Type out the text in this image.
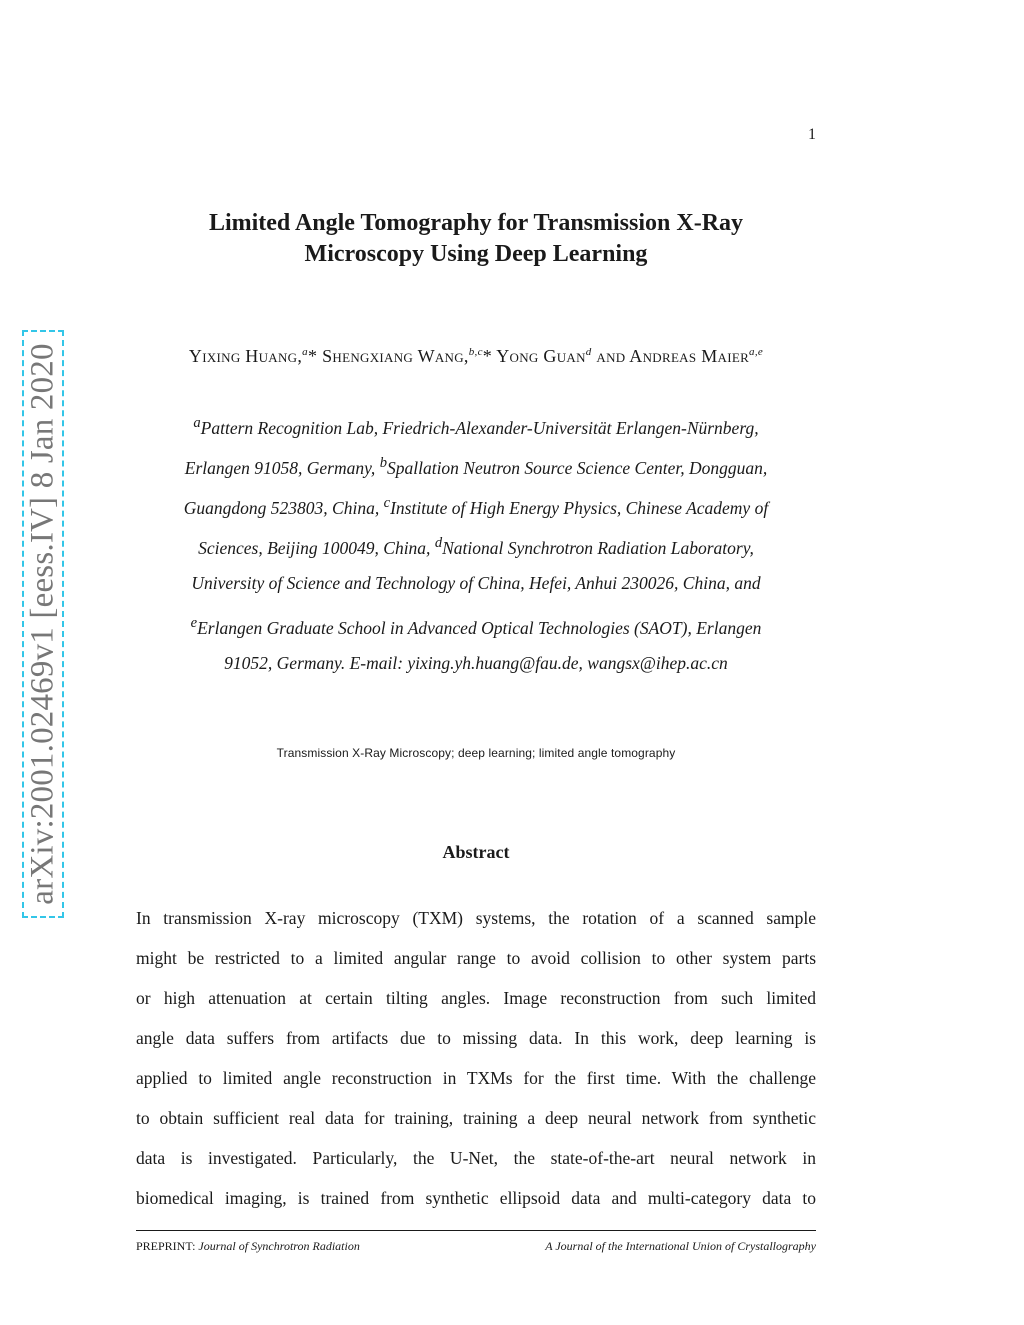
1
Limited Angle Tomography for Transmission X-Ray
Microscopy Using Deep Learning
Yixing Huang,$^a$* Shengxiang Wang,$^{b,c}$* Yong Guan$^d$ and Andreas Maier$^{a,e}$
$^a$Pattern Recognition Lab, Friedrich-Alexander-Universität Erlangen-Nürnberg,
Erlangen 91058, Germany, $^b$Spallation Neutron Source Science Center, Dongguan,
Guangdong 523803, China, $^c$Institute of High Energy Physics, Chinese Academy of
Sciences, Beijing 100049, China, $^d$National Synchrotron Radiation Laboratory,
University of Science and Technology of China, Hefei, Anhui 230026, China, and
$^e$Erlangen Graduate School in Advanced Optical Technologies (SAOT), Erlangen
91052, Germany. E-mail: yixing.yh.huang@fau.de, wangsx@ihep.ac.cn
Transmission X-Ray Microscopy; deep learning; limited angle tomography
Abstract
In transmission X-ray microscopy (TXM) systems, the rotation of a scanned sample
might be restricted to a limited angular range to avoid collision to other system parts
or high attenuation at certain tilting angles. Image reconstruction from such limited
angle data suffers from artifacts due to missing data. In this work, deep learning is
applied to limited angle reconstruction in TXMs for the first time. With the challenge
to obtain sufficient real data for training, training a deep neural network from synthetic
data is investigated. Particularly, the U-Net, the state-of-the-art neural network in
biomedical imaging, is trained from synthetic ellipsoid data and multi-category data to
PREPRINT: Journal of Synchrotron Radiation	A Journal of the International Union of Crystallography
arXiv:2001.02469v1 [eess.IV] 8 Jan 2020
